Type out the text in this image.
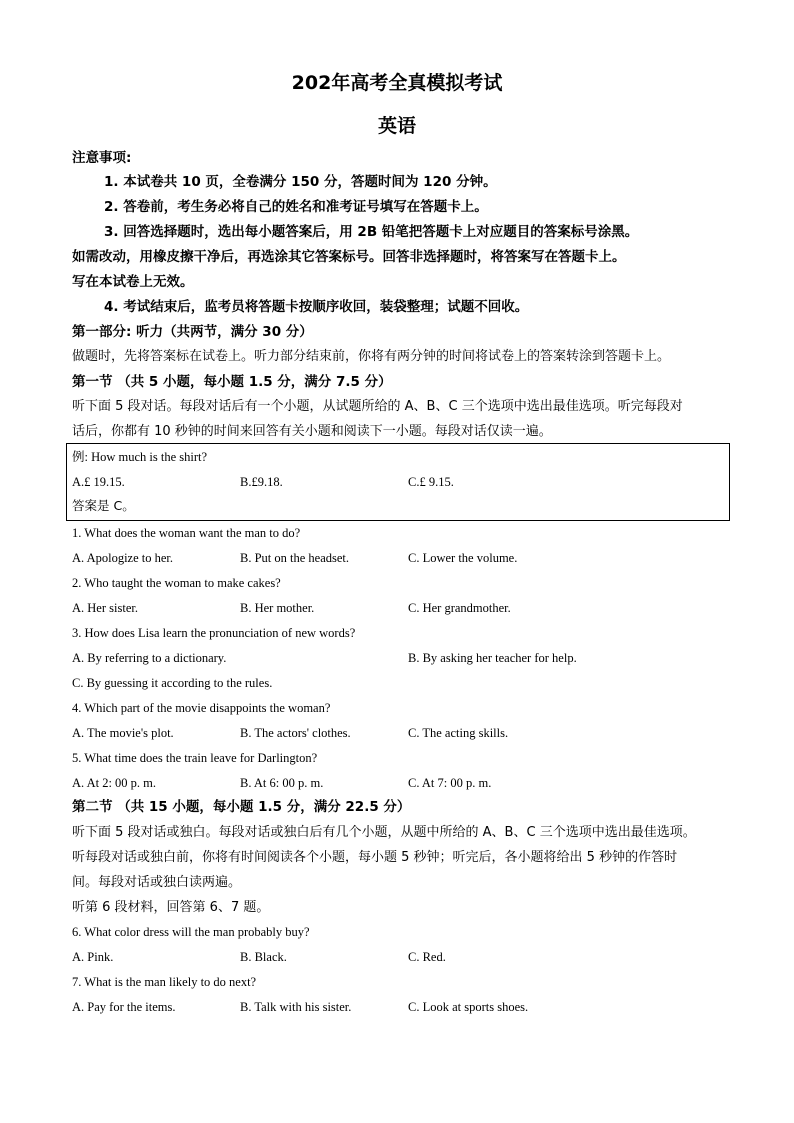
202年高考全真模拟考试
英语
注意事项:
1. 本试卷共 10 页，全卷满分 150 分，答题时间为 120 分钟。
2. 答卷前，考生务必将自己的姓名和准考证号填写在答题卡上。
3. 回答选择题时，选出每小题答案后，用 2B 铅笔把答题卡上对应题目的答案标号涂黑。
如需改动，用橡皮擦干净后，再选涂其它答案标号。回答非选择题时，将答案写在答题卡上。
写在本试卷上无效。
4. 考试结束后，监考员将答题卡按顺序收回，装袋整理；试题不回收。
第一部分: 听力（共两节，满分 30 分）
做题时，先将答案标在试卷上。听力部分结束前，你将有两分钟的时间将试卷上的答案转涂到答题卡上。
第一节 （共 5 小题，每小题 1.5 分，满分 7.5 分）
听下面 5 段对话。每段对话后有一个小题，从试题所给的 A、B、C 三个选项中选出最佳选项。听完每段对
话后，你都有 10 秒钟的时间来回答有关小题和阅读下一小题。每段对话仅读一遍。
例: How much is the shirt?
A.£ 19.15.	B.£9.18.	C.£ 9.15.
答案是 C。
1. What does the woman want the man to do?
A. Apologize to her.	B. Put on the headset.	C. Lower the volume.
2. Who taught the woman to make cakes?
A. Her sister.	B. Her mother.	C. Her grandmother.
3. How does Lisa learn the pronunciation of new words?
A. By referring to a dictionary.	B. By asking her teacher for help.
C. By guessing it according to the rules.
4. Which part of the movie disappoints the woman?
A. The movie's plot.	B. The actors' clothes.	C. The acting skills.
5. What time does the train leave for Darlington?
A. At 2: 00 p. m.	B. At 6: 00 p. m.	C. At 7: 00 p. m.
第二节 （共 15 小题，每小题 1.5 分，满分 22.5 分）
听下面 5 段对话或独白。每段对话或独白后有几个小题，从题中所给的 A、B、C 三个选项中选出最佳选项。
听每段对话或独白前，你将有时间阅读各个小题，每小题 5 秒钟；听完后，各小题将给出 5 秒钟的作答时
间。每段对话或独白读两遍。
听第 6 段材料，回答第 6、7 题。
6. What color dress will the man probably buy?
A. Pink.	B. Black.	C. Red.
7. What is the man likely to do next?
A. Pay for the items.	B. Talk with his sister.	C. Look at sports shoes.
